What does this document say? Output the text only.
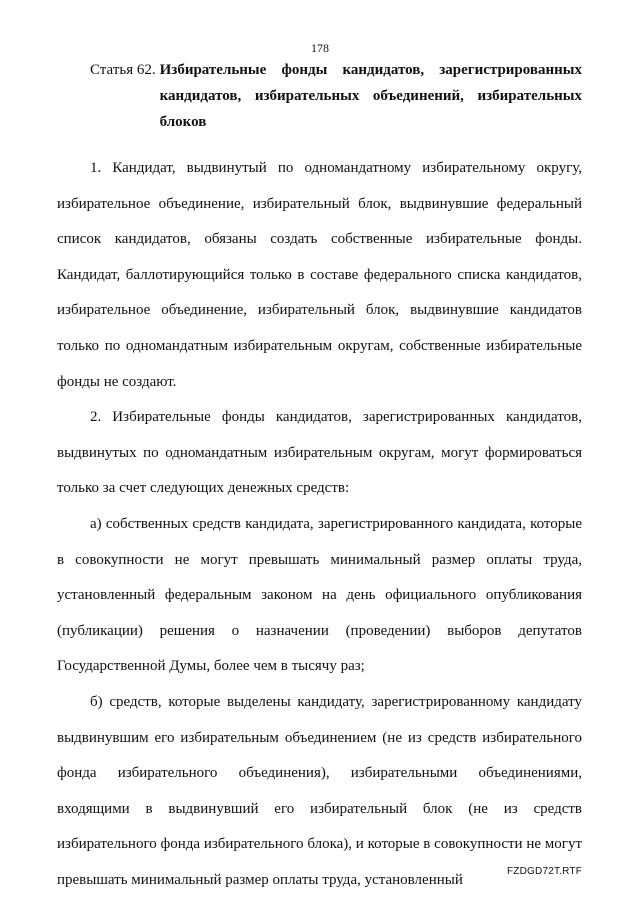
178
Статья 62. Избирательные фонды кандидатов, зарегистрированных кандидатов, избирательных объединений, избирательных блоков

1. Кандидат, выдвинутый по одномандатному избирательному округу, избирательное объединение, избирательный блок, выдвинувшие федеральный список кандидатов, обязаны создать собственные избирательные фонды. Кандидат, баллотирующийся только в составе федерального списка кандидатов, избирательное объединение, избирательный блок, выдвинувшие кандидатов только по одномандатным избирательным округам, собственные избирательные фонды не создают.

2. Избирательные фонды кандидатов, зарегистрированных кандидатов, выдвинутых по одномандатным избирательным округам, могут формироваться только за счет следующих денежных средств:

а) собственных средств кандидата, зарегистрированного кандидата, которые в совокупности не могут превышать минимальный размер оплаты труда, установленный федеральным законом на день официального опубликования (публикации) решения о назначении (проведении) выборов депутатов Государственной Думы, более чем в тысячу раз;

б) средств, которые выделены кандидату, зарегистрированному кандидату выдвинувшим его избирательным объединением (не из средств избирательного фонда избирательного объединения), избирательными объединениями, входящими в выдвинувший его избирательный блок (не из средств избирательного фонда избирательного блока), и которые в совокупности не могут превышать минимальный размер оплаты труда, установленный

FZDGD72T.RTF
